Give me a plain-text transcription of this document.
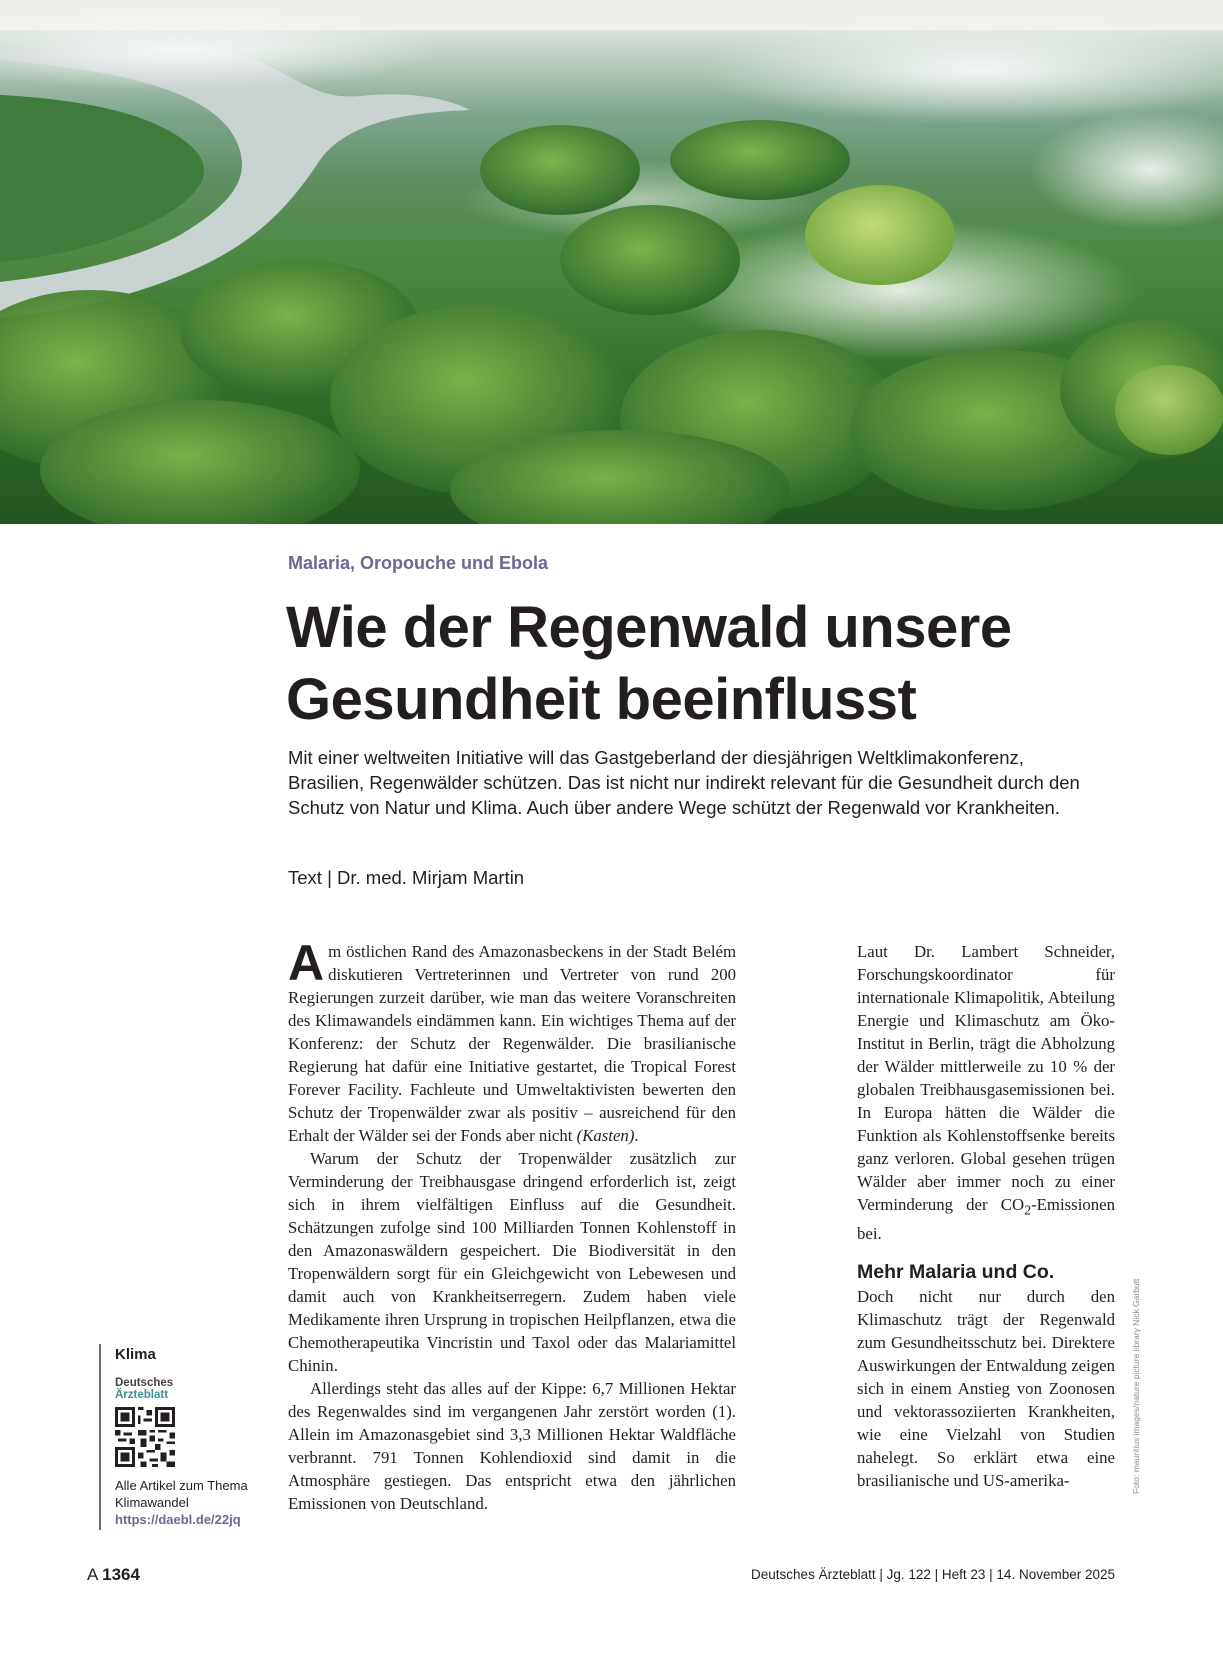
Malaria, Oropouche und Ebola
Wie der Regenwald unsere
Gesundheit beeinflusst

Mit einer weltweiten Initiative will das Gastgeberland der diesjährigen Weltklimakonferenz, Brasilien, Regenwälder schützen. Das ist nicht nur indirekt relevant für die Gesundheit durch den Schutz von Natur und Klima. Auch über andere Wege schützt der Regenwald vor Krankheiten.

Text | Dr. med. Mirjam Martin

Am östlichen Rand des Amazonasbeckens in der Stadt Belém diskutieren Vertreterinnen und Vertreter von rund 200 Regierungen zurzeit darüber, wie man das weitere Voranschreiten des Klimawandels eindämmen kann. Ein wichtiges Thema auf der Konferenz: der Schutz der Regenwälder. Die brasilianische Regierung hat dafür eine Initiative gestartet, die Tropical Forest Forever Facility. Fachleute und Umweltaktivisten bewerten den Schutz der Tropenwälder zwar als positiv – ausreichend für den Erhalt der Wälder sei der Fonds aber nicht (Kasten).

Warum der Schutz der Tropenwälder zusätzlich zur Verminderung der Treibhausgase dringend erforderlich ist, zeigt sich in ihrem vielfältigen Einfluss auf die Gesundheit. Schätzungen zufolge sind 100 Milliarden Tonnen Kohlenstoff in den Amazonaswäldern gespeichert. Die Biodiversität in den Tropenwäldern sorgt für ein Gleichgewicht von Lebewesen und damit auch von Krankheitserregern. Zudem haben viele Medikamente ihren Ursprung in tropischen Heilpflanzen, etwa die Chemotherapeutika Vincristin und Taxol oder das Malariamittel Chinin.

Allerdings steht das alles auf der Kippe: 6,7 Millionen Hektar des Regenwaldes sind im vergangenen Jahr zerstört worden (1). Allein im Amazonasgebiet sind 3,3 Millionen Hektar Waldfläche verbrannt. 791 Tonnen Kohlendioxid sind damit in die Atmosphäre gestiegen. Das entspricht etwa den jährlichen Emissionen von Deutschland.

Laut Dr. Lambert Schneider, Forschungskoordinator für internationale Klimapolitik, Abteilung Energie und Klimaschutz am Öko-Institut in Berlin, trägt die Abholzung der Wälder mittlerweile zu 10 % der globalen Treibhausgasemissionen bei. In Europa hätten die Wälder die Funktion als Kohlenstoffsenke bereits ganz verloren. Global gesehen trügen Wälder aber immer noch zu einer Verminderung der $CO_2$-Emissionen bei.

Mehr Malaria und Co.

Doch nicht nur durch den Klimaschutz trägt der Regenwald zum Gesundheitsschutz bei. Direktere Auswirkungen der Entwaldung zeigen sich in einem Anstieg von Zoonosen und vektorassoziierten Krankheiten, wie eine Vielzahl von Studien nahelegt. So erklärt etwa eine brasilianische und US-amerika-

Klima
Deutsches
Ärzteblatt
Alle Artikel zum Thema
Klimawandel
https://daebl.de/22jq
Foto: mauritius images/nature picture library Nick Garbutt
A 1364	Deutsches Ärzteblatt | Jg. 122 | Heft 23 | 14. November 2025
